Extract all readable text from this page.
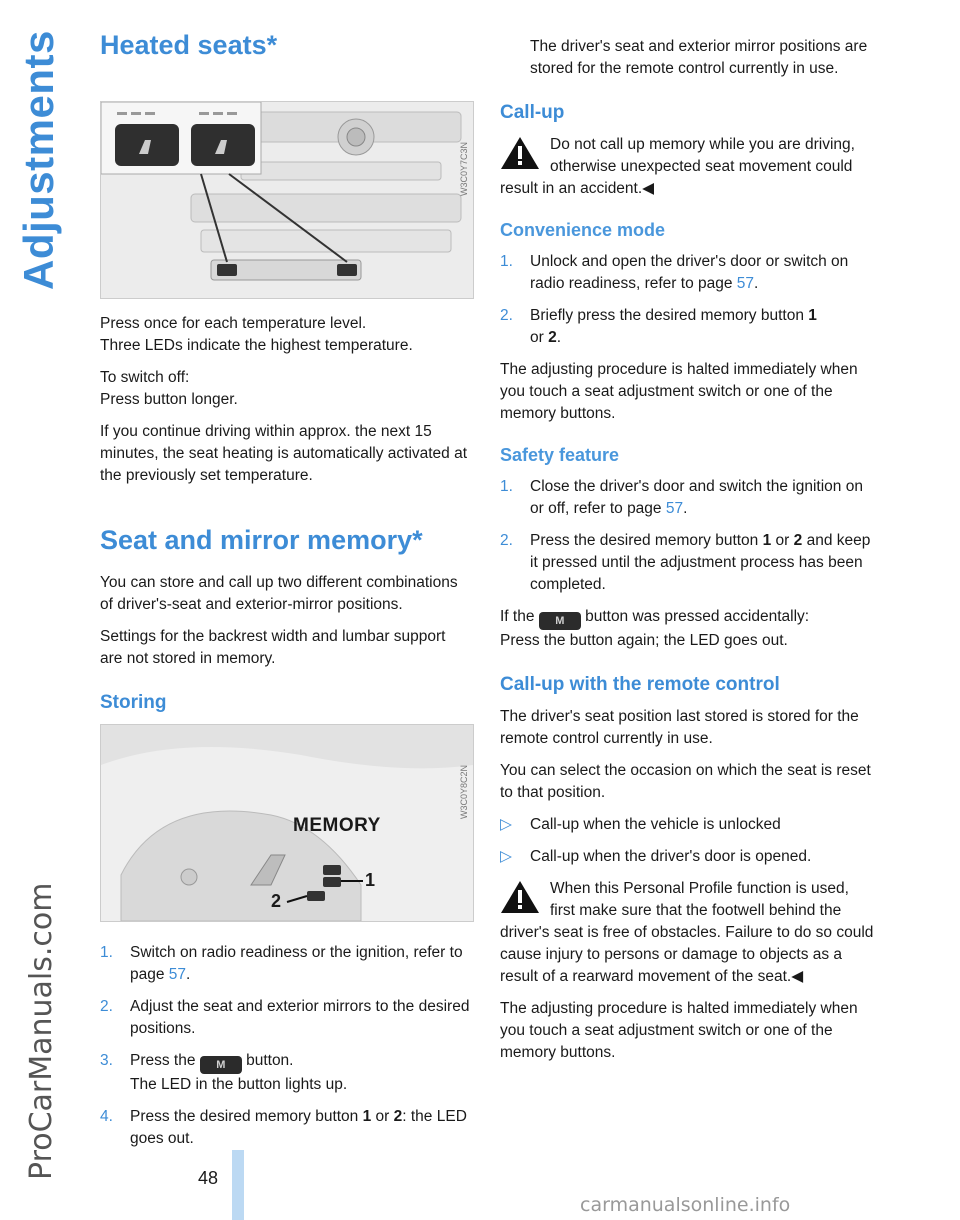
Adjustments
ProCarManuals.com
Heated seats*
W3C0Y7C3N

Press once for each temperature level.
Three LEDs indicate the highest temperature.

To switch off:
Press button longer.

If you continue driving within approx. the next 15 minutes, the seat heating is automatically activated at the previously set temperature.

Seat and mirror memory*

You can store and call up two different combinations of driver's-seat and exterior-mirror positions.

Settings for the backrest width and lumbar support are not stored in memory.

Storing
MEMORY
1
2
W3C0Y8C2N
1. Switch on radio readiness or the ignition, refer to page 57.
2. Adjust the seat and exterior mirrors to the desired positions.
3. Press the M button.
The LED in the button lights up.
4. Press the desired memory button 1 or 2: the LED goes out.

The driver's seat and exterior mirror positions are stored for the remote control currently in use.

Call-up
Do not call up memory while you are driving, otherwise unexpected seat movement could result in an accident.◀
Convenience mode
1. Unlock and open the driver's door or switch on radio readiness, refer to page 57.
2. Briefly press the desired memory button 1
or 2.

The adjusting procedure is halted immediately when you touch a seat adjustment switch or one of the memory buttons.

Safety feature
1. Close the driver's door and switch the ignition on or off, refer to page 57.
2. Press the desired memory button 1 or 2 and keep it pressed until the adjustment process has been completed.

If the M button was pressed accidentally:
Press the button again; the LED goes out.

Call-up with the remote control

The driver's seat position last stored is stored for the remote control currently in use.

You can select the occasion on which the seat is reset to that position.

▷ Call-up when the vehicle is unlocked
▷ Call-up when the driver's door is opened.
When this Personal Profile function is used, first make sure that the footwell behind the driver's seat is free of obstacles. Failure to do so could cause injury to persons or damage to objects as a result of a rearward movement of the seat.◀

The adjusting procedure is halted immediately when you touch a seat adjustment switch or one of the memory buttons.

48
carmanualsonline.info
